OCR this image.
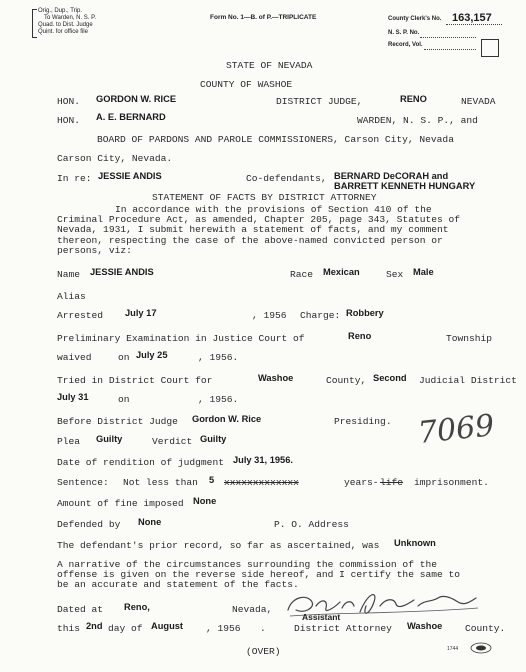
Orig., Dup., Trip.
To Warden, N. S. P.
Quad. to Dist. Judge
Quint. for office file
Form No. 1—B. of P.—TRIPLICATE	County Clerk's No. 163,157
N. S. P. No.
Record, Vol.
STATE OF NEVADA
COUNTY OF WASHOE
HON. GORDON W. RICE	DISTRICT JUDGE,	RENO	NEVADA
HON. A. E. BERNARD	WARDEN, N. S. P., and
BOARD OF PARDONS AND PAROLE COMMISSIONERS, Carson City, Nevada
Carson City, Nevada.
In re: JESSIE ANDIS	Co-defendants, BERNARD DeCORAH and
BARRETT KENNETH HUNGARY
STATEMENT OF FACTS BY DISTRICT ATTORNEY
In accordance with the provisions of Section 410 of the
Criminal Procedure Act, as amended, Chapter 205, page 343, Statutes of
Nevada, 1931, I submit herewith a statement of facts, and my comment
thereon, respecting the case of the above-named convicted person or
persons, viz:
Name JESSIE ANDIS	Race Mexican	Sex Male
Alias
Arrested July 17	, 1956 Charge: Robbery
Preliminary Examination in Justice Court of	Reno	Township
waived	on July 25	, 1956.
Tried in District Court for	Washoe	County, Second Judicial District
July 31	on	, 1956.
Before District Judge Gordon W. Rice	Presiding.
Plea Guilty	Verdict Guilty	7069
Date of rendition of judgment July 31, 1956.
Sentence: Not less than 5 xxxxxxxxxxxxx	years- life imprisonment.
Amount of fine imposed None
Defended by None	P. O. Address
The defendant's prior record, so far as ascertained, was Unknown
A narrative of the circumstances surrounding the commission of the
offense is given on the reverse side hereof, and I certify the same to
be an accurate and statement of the facts.
Dated at Reno,	Nevada,
Assistant
this 2nd day of August , 1956 .	District Attorney Washoe County.
(OVER)	1744
